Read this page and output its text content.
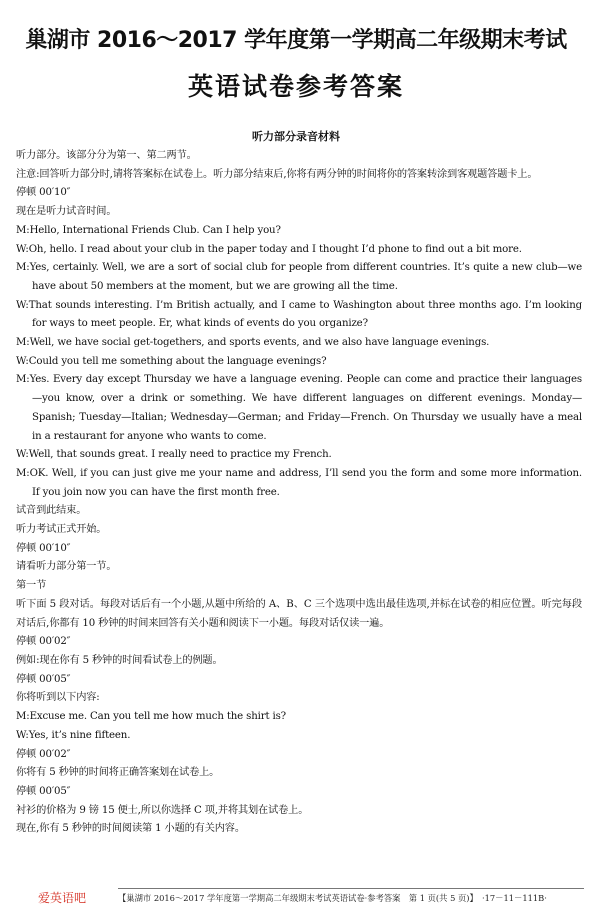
巢湖市 2016～2017 学年度第一学期高二年级期末考试
英语试卷参考答案
听力部分录音材料

听力部分。该部分分为第一、第二两节。

注意:回答听力部分时,请将答案标在试卷上。听力部分结束后,你将有两分钟的时间将你的答案转涂到客观题答题卡上。

停顿 00′10″

现在是听力试音时间。

M:Hello, International Friends Club. Can I help you?

W:Oh, hello. I read about your club in the paper today and I thought I’d phone to find out a bit more.

M:Yes, certainly. Well, we are a sort of social club for people from different countries. It’s quite a new club—we have about 50 members at the moment, but we are growing all the time.

W:That sounds interesting. I’m British actually, and I came to Washington about three months ago. I’m looking for ways to meet people. Er, what kinds of events do you organize?

M:Well, we have social get-togethers, and sports events, and we also have language evenings.

W:Could you tell me something about the language evenings?

M:Yes. Every day except Thursday we have a language evening. People can come and practice their languages—you know, over a drink or something. We have different languages on different evenings. Monday—Spanish; Tuesday—Italian; Wednesday—German; and Friday—French. On Thursday we usually have a meal in a restaurant for anyone who wants to come.

W:Well, that sounds great. I really need to practice my French.

M:OK. Well, if you can just give me your name and address, I’ll send you the form and some more information. If you join now you can have the first month free.

试音到此结束。

听力考试正式开始。

停顿 00′10″

请看听力部分第一节。

第一节

听下面 5 段对话。每段对话后有一个小题,从题中所给的 A、B、C 三个选项中选出最佳选项,并标在试卷的相应位置。听完每段对话后,你都有 10 秒钟的时间来回答有关小题和阅读下一小题。每段对话仅读一遍。

停顿 00′02″

例如:现在你有 5 秒钟的时间看试卷上的例题。

停顿 00′05″

你将听到以下内容:

M:Excuse me. Can you tell me how much the shirt is?

W:Yes, it’s nine fifteen.

停顿 00′02″

你将有 5 秒钟的时间将正确答案划在试卷上。

停顿 00′05″

衬衫的价格为 9 镑 15 便士,所以你选择 C 项,并将其划在试卷上。

现在,你有 5 秒钟的时间阅读第 1 小题的有关内容。

爱英语吧	【巢湖市 2016～2017 学年度第一学期高二年级期末考试英语试卷·参考答案　第 1 页(共 5 页)】　·17－11－111B·
